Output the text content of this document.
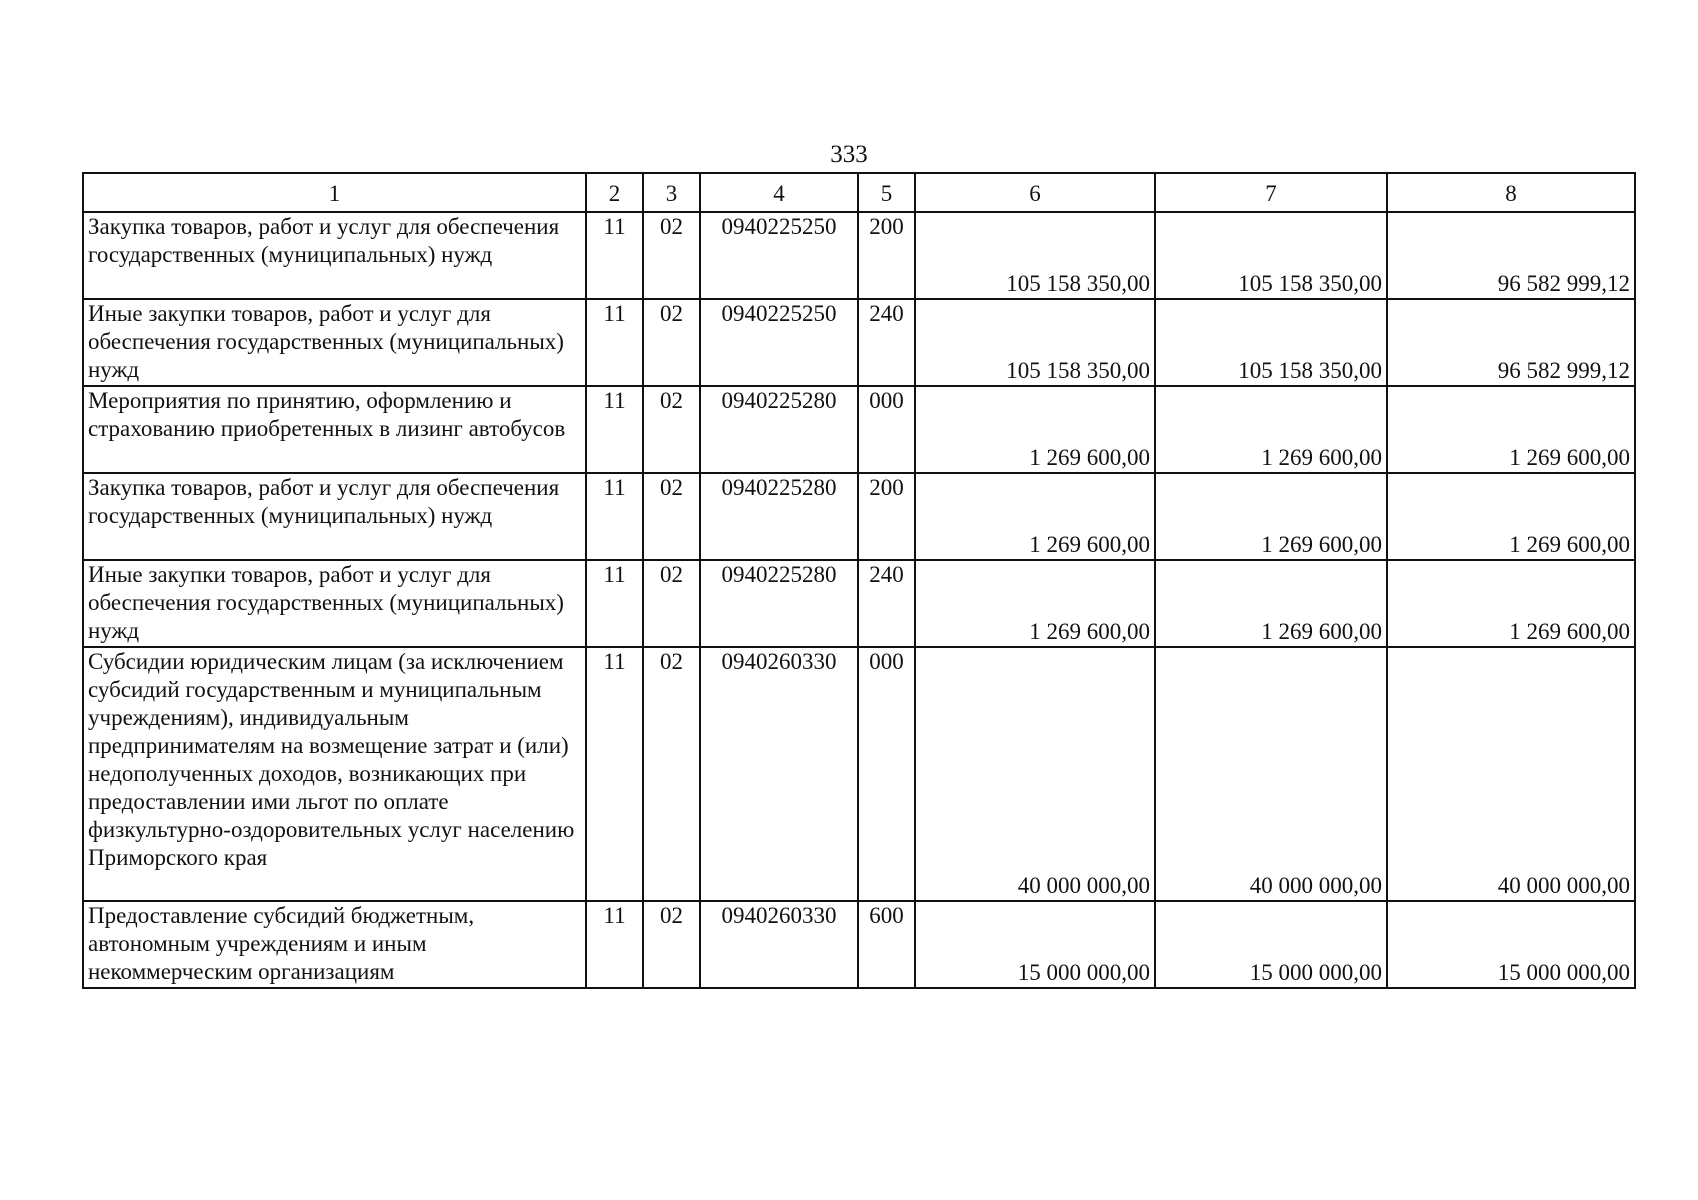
333
1	2	3	4	5	6	7	8
Закупка товаров, работ и услуг для обеспечения государственных (муниципальных) нужд	11	02	0940225250	200	105 158 350,00	105 158 350,00	96 582 999,12
Иные закупки товаров, работ и услуг для обеспечения государственных (муниципальных) нужд	11	02	0940225250	240	105 158 350,00	105 158 350,00	96 582 999,12
Мероприятия по принятию, оформлению и страхованию приобретенных в лизинг автобусов	11	02	0940225280	000	1 269 600,00	1 269 600,00	1 269 600,00
Закупка товаров, работ и услуг для обеспечения государственных (муниципальных) нужд	11	02	0940225280	200	1 269 600,00	1 269 600,00	1 269 600,00
Иные закупки товаров, работ и услуг для обеспечения государственных (муниципальных) нужд	11	02	0940225280	240	1 269 600,00	1 269 600,00	1 269 600,00
Субсидии юридическим лицам (за исключением субсидий государственным и муниципальным учреждениям), индивидуальным предпринимателям на возмещение затрат и (или) недополученных доходов, возникающих при предоставлении ими льгот по оплате физкультурно-оздоровительных услуг населению Приморского края	11	02	0940260330	000	40 000 000,00	40 000 000,00	40 000 000,00
Предоставление субсидий бюджетным, автономным учреждениям и иным некоммерческим организациям	11	02	0940260330	600	15 000 000,00	15 000 000,00	15 000 000,00
